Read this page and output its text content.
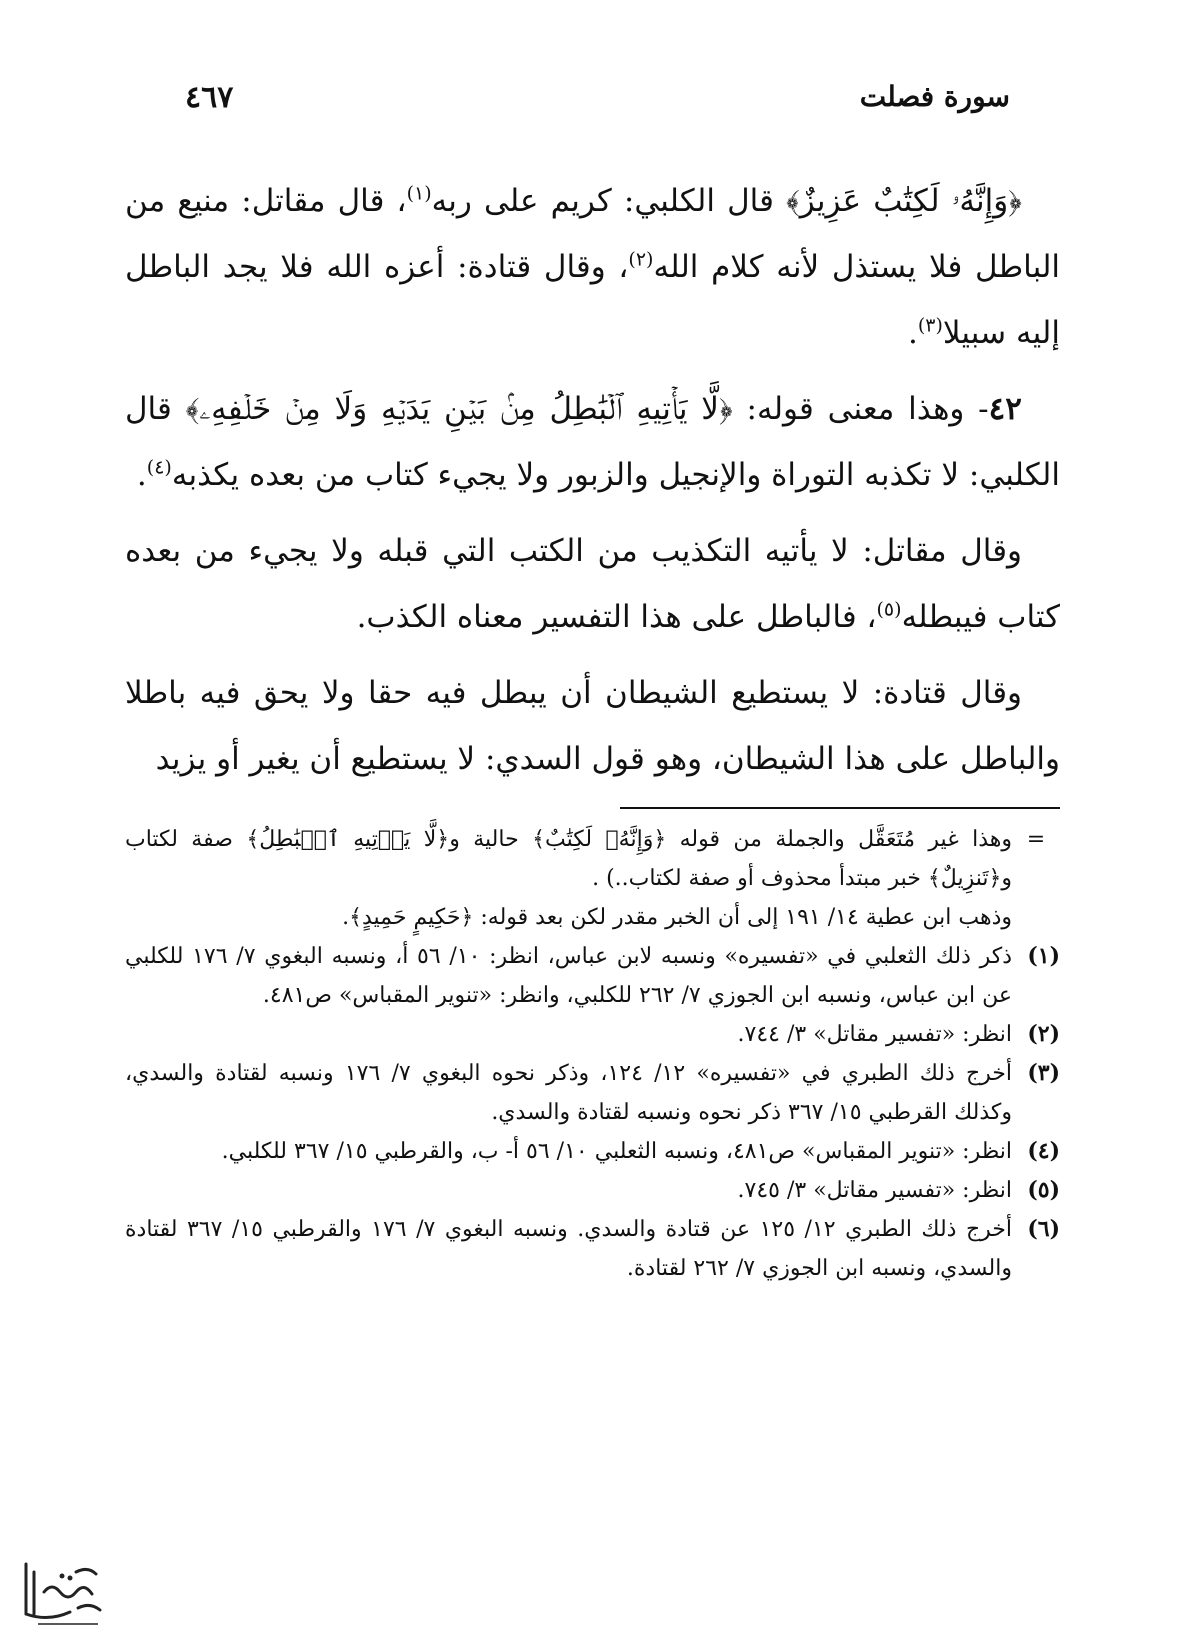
سورة فصلت
٤٦٧

﴿وَإِنَّهُۥ لَكِتَٰبٌ عَزِيزٌ﴾ قال الكلبي: كريم على ربه$^{(١)}$، قال مقاتل: منيع من الباطل فلا يستذل لأنه كلام الله$^{(٢)}$، وقال قتادة: أعزه الله فلا يجد الباطل إليه سبيلا$^{(٣)}$.

٤٢- وهذا معنى قوله: ﴿لَّا يَأۡتِيهِ ٱلۡبَٰطِلُ مِنۢ بَيۡنِ يَدَيۡهِ وَلَا مِنۡ خَلۡفِهِۦ﴾ قال الكلبي: لا تكذبه التوراة والإنجيل والزبور ولا يجيء كتاب من بعده يكذبه$^{(٤)}$.

وقال مقاتل: لا يأتيه التكذيب من الكتب التي قبله ولا يجيء من بعده كتاب فيبطله$^{(٥)}$، فالباطل على هذا التفسير معناه الكذب.

وقال قتادة: لا يستطيع الشيطان أن يبطل فيه حقا ولا يحق فيه باطلا والباطل على هذا الشيطان، وهو قول السدي: لا يستطيع أن يغير أو يزيد

=وهذا غير مُتَعَقَّل والجملة من قوله ﴿وَإِنَّهُۥ لَكِتَٰبٌ﴾ حالية و﴿لَّا يَأۡتِيهِ ٱلۡبَٰطِلُ﴾ صفة لكتاب و﴿تَنزِيلٌ﴾ خبر مبتدأ محذوف أو صفة لكتاب..) .

وذهب ابن عطية ١٤/ ١٩١ إلى أن الخبر مقدر لكن بعد قوله: ﴿حَكِيمٍ حَمِيدٍ﴾.

(١)ذكر ذلك الثعلبي في «تفسيره» ونسبه لابن عباس، انظر: ١٠/ ٥٦ أ، ونسبه البغوي ٧/ ١٧٦ للكلبي عن ابن عباس، ونسبه ابن الجوزي ٧/ ٢٦٢ للكلبي، وانظر: «تنوير المقباس» ص٤٨١.

(٢)انظر: «تفسير مقاتل» ٣/ ٧٤٤.

(٣)أخرج ذلك الطبري في «تفسيره» ١٢/ ١٢٤، وذكر نحوه البغوي ٧/ ١٧٦ ونسبه لقتادة والسدي، وكذلك القرطبي ١٥/ ٣٦٧ ذكر نحوه ونسبه لقتادة والسدي.

(٤)انظر: «تنوير المقباس» ص٤٨١، ونسبه الثعلبي ١٠/ ٥٦ أ- ب، والقرطبي ١٥/ ٣٦٧ للكلبي.

(٥)انظر: «تفسير مقاتل» ٣/ ٧٤٥.

(٦)أخرج ذلك الطبري ١٢/ ١٢٥ عن قتادة والسدي. ونسبه البغوي ٧/ ١٧٦ والقرطبي ١٥/ ٣٦٧ لقتادة والسدي، ونسبه ابن الجوزي ٧/ ٢٦٢ لقتادة.
